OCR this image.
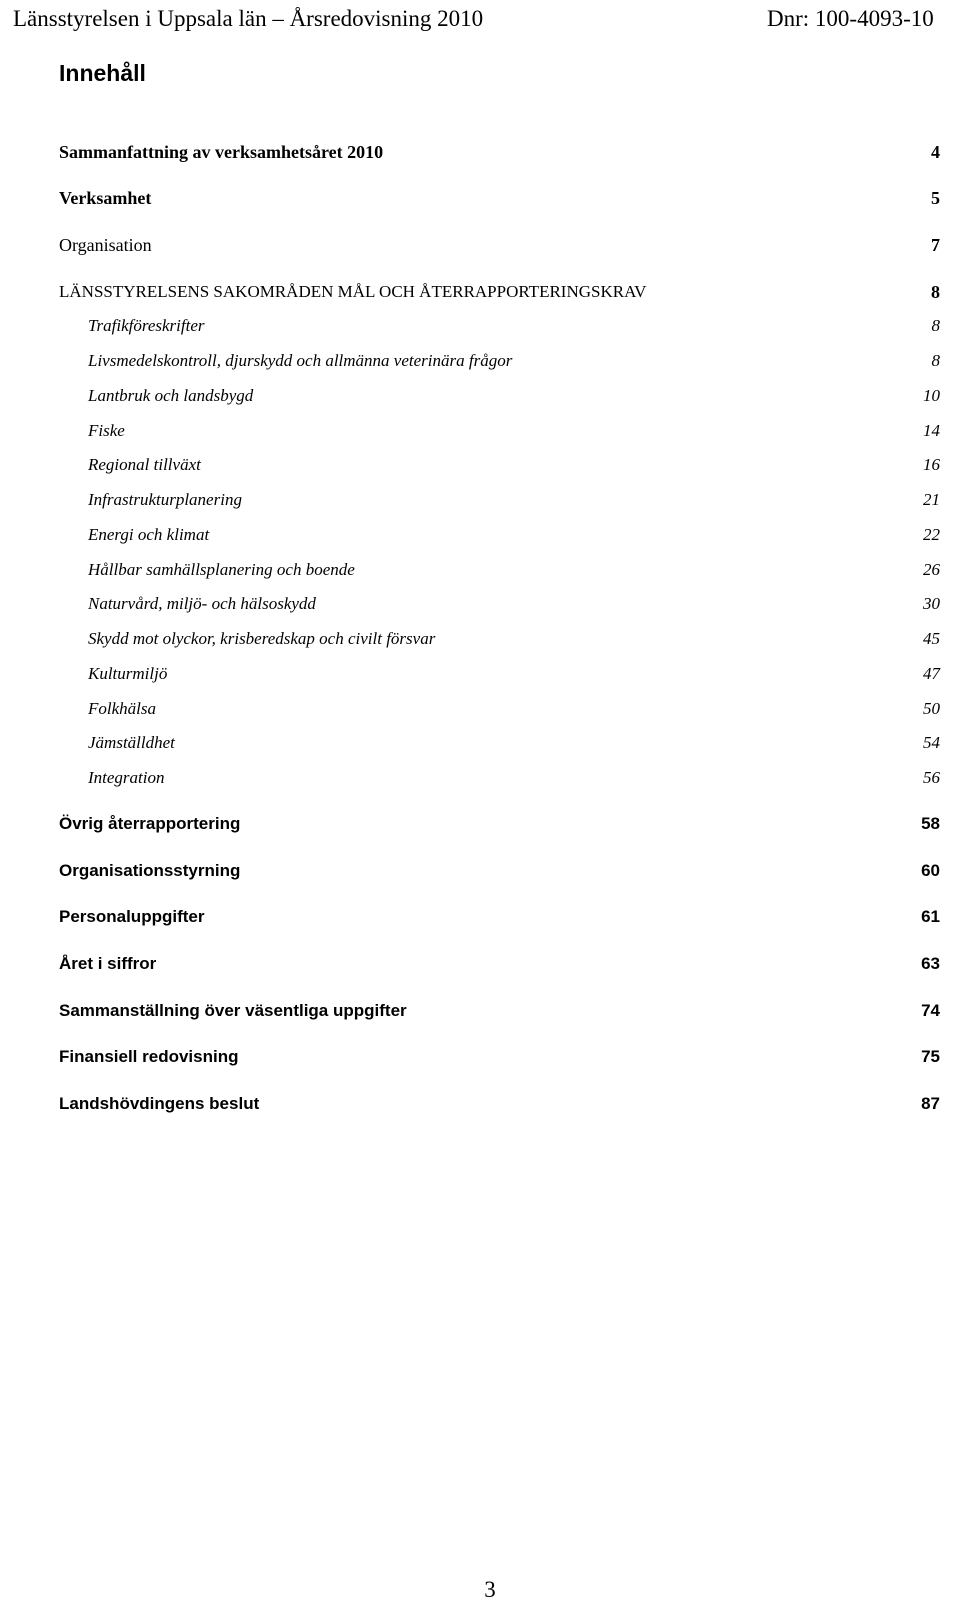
Länsstyrelsen i Uppsala län – Årsredovisning 2010	Dnr: 100-4093-10
Innehåll
Sammanfattning av verksamhetsåret 2010	4
Verksamhet	5
Organisation	7
LÄNSSTYRELSENS SAKOMRÅDEN MÅL OCH ÅTERRAPPORTERINGSKRAV	8
Trafikföreskrifter	8
Livsmedelskontroll, djurskydd och allmänna veterinära frågor	8
Lantbruk och landsbygd	10
Fiske	14
Regional tillväxt	16
Infrastrukturplanering	21
Energi och klimat	22
Hållbar samhällsplanering och boende	26
Naturvård, miljö- och hälsoskydd	30
Skydd mot olyckor, krisberedskap och civilt försvar	45
Kulturmiljö	47
Folkhälsa	50
Jämställdhet	54
Integration	56
Övrig återrapportering	58
Organisationsstyrning	60
Personaluppgifter	61
Året i siffror	63
Sammanställning över väsentliga uppgifter	74
Finansiell redovisning	75
Landshövdingens beslut	87
3
